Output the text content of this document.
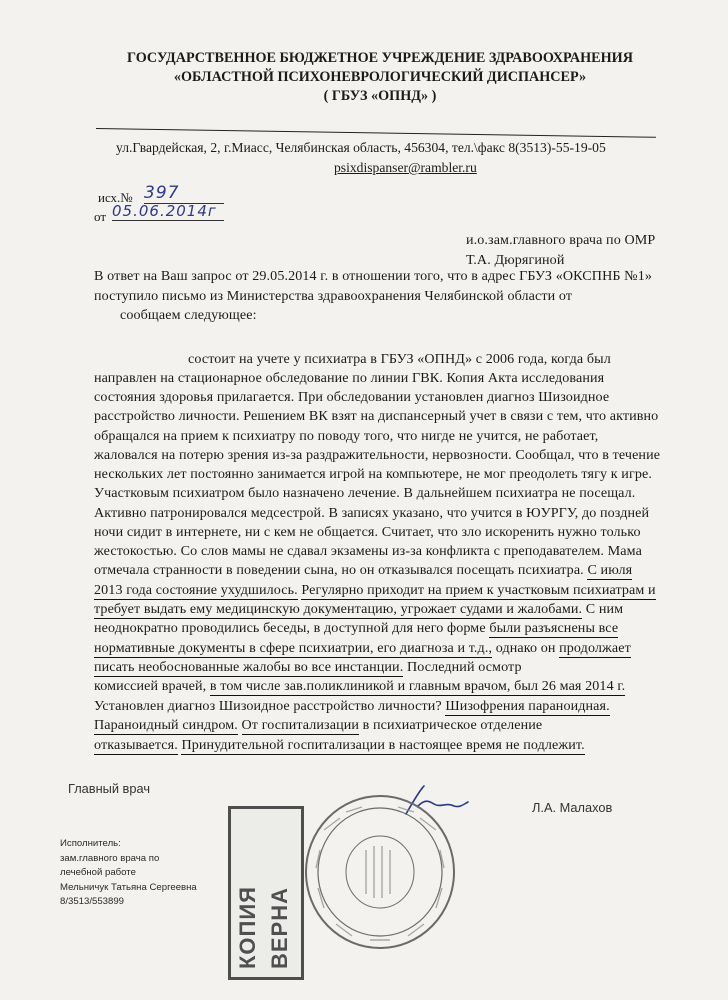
ГОСУДАРСТВЕННОЕ БЮДЖЕТНОЕ УЧРЕЖДЕНИЕ ЗДРАВООХРАНЕНИЯ
«ОБЛАСТНОЙ ПСИХОНЕВРОЛОГИЧЕСКИЙ ДИСПАНСЕР»
( ГБУЗ «ОПНД» )
ул.Гвардейская, 2, г.Миасс, Челябинская область, 456304, тел.\факс 8(3513)-55-19-05
psixdispanser@rambler.ru
исх.№ 397
от 05.06.2014г
и.о.зам.главного врача по ОМР
Т.А. Дюрягиной
В ответ на Ваш запрос от 29.05.2014 г. в отношении того, что в адрес ГБУЗ «ОКСПНБ №1»
поступило письмо из Министерства здравоохранения Челябинской области от
сообщаем следующее:
состоит на учете у психиатра в ГБУЗ «ОПНД» с 2006 года, когда был
направлен на стационарное обследование по линии ГВК. Копия Акта исследования
состояния здоровья прилагается. При обследовании установлен диагноз Шизоидное
расстройство личности. Решением ВК взят на диспансерный учет в связи с тем, что активно
обращался на прием к психиатру по поводу того, что нигде не учится, не работает,
жаловался на потерю зрения из-за раздражительности, нервозности. Сообщал, что в течение
нескольких лет постоянно занимается игрой на компьютере, не мог преодолеть тягу к игре.
Участковым психиатром было назначено лечение. В дальнейшем психиатра не посещал.
Активно патронировался медсестрой. В записях указано, что учится в ЮУРГУ, до поздней
ночи сидит в интернете, ни с кем не общается. Считает, что зло искоренить нужно только
жестокостью. Со слов мамы не сдавал экзамены из-за конфликта с преподавателем. Мама
отмечала странности в поведении сына, но он отказывался посещать психиатра. С июля
2013 года состояние ухудшилось. Регулярно приходит на прием к участковым психиатрам и
требует выдать ему медицинскую документацию, угрожает судами и жалобами. С ним
неоднократно проводились беседы, в доступной для него форме были разъяснены все
нормативные документы в сфере психиатрии, его диагноза и т.д., однако он продолжает
писать необоснованные жалобы во все инстанции. Последний осмотр
комиссией врачей, в том числе зав.поликлиникой и главным врачом, был 26 мая 2014 г.
Установлен диагноз Шизоидное расстройство личности? Шизофрения параноидная.
Параноидный синдром. От госпитализации в психиатрическое отделение
отказывается. Принудительной госпитализации в настоящее время не подлежит.
Главный врач
Л.А. Малахов
Исполнитель:
зам.главного врача по
лечебной работе
Мельничук Татьяна Сергеевна
8/3513/553899	КОПИЯ ВЕРНА
